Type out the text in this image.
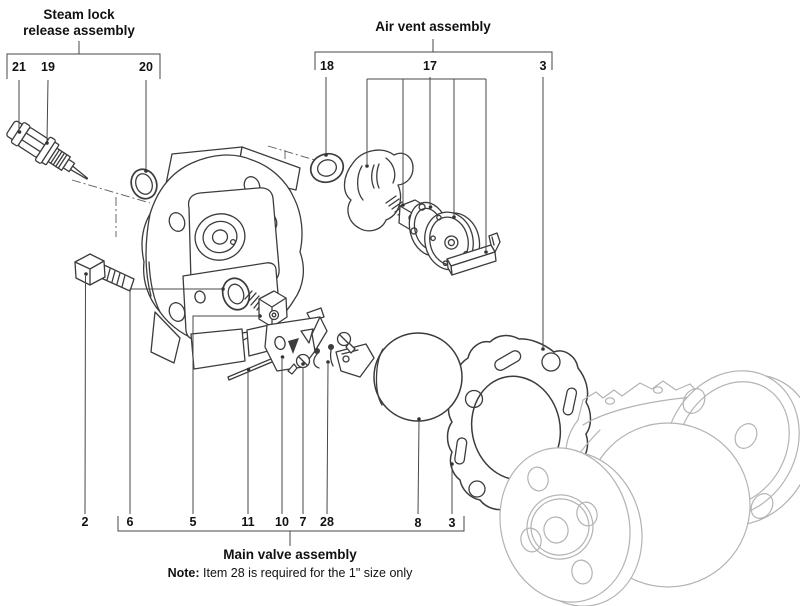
Steam lock
release assembly	Air vent assembly
21 19	20	18	17	3
2	6	5	11 10 7 28	8 3
Main valve assembly
Note: Item 28 is required for the 1" size only
